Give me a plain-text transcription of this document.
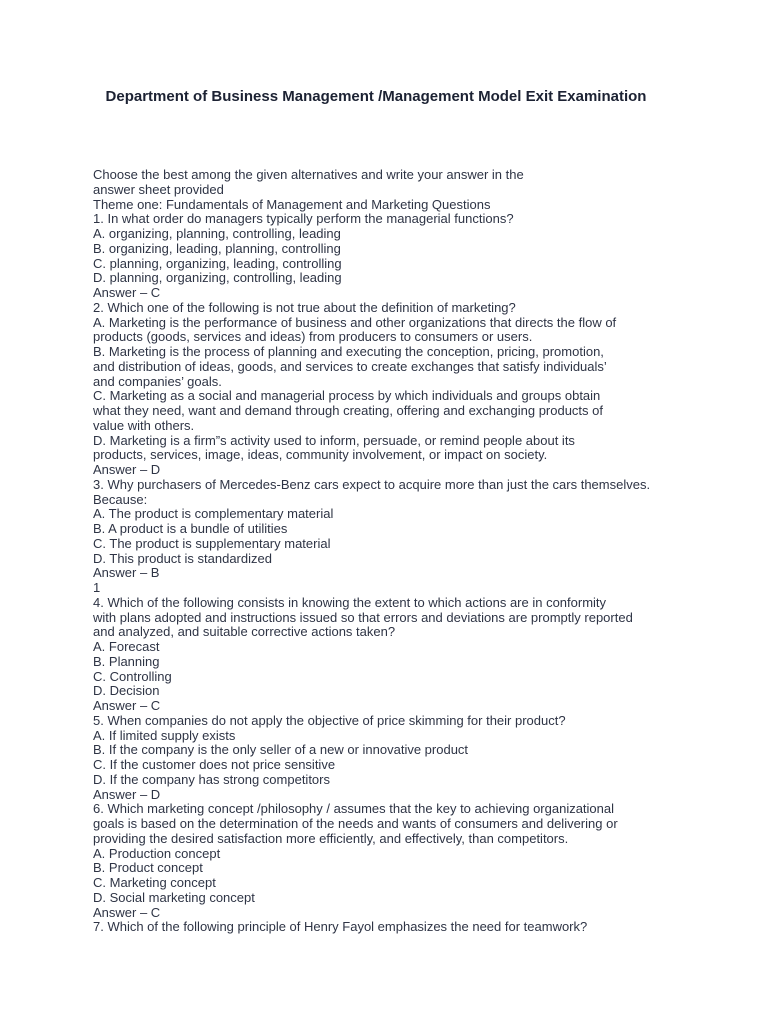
Department of Business Management /Management Model Exit Examination
Choose the best among the given alternatives and write your answer in the
answer sheet provided
Theme one: Fundamentals of Management and Marketing Questions
1. In what order do managers typically perform the managerial functions?
A. organizing, planning, controlling, leading
B. organizing, leading, planning, controlling
C. planning, organizing, leading, controlling
D. planning, organizing, controlling, leading
Answer – C
2. Which one of the following is not true about the definition of marketing?
A. Marketing is the performance of business and other organizations that directs the flow of
products (goods, services and ideas) from producers to consumers or users.
B. Marketing is the process of planning and executing the conception, pricing, promotion,
and distribution of ideas, goods, and services to create exchanges that satisfy individuals’
and companies’ goals.
C. Marketing as a social and managerial process by which individuals and groups obtain
what they need, want and demand through creating, offering and exchanging products of
value with others.
D. Marketing is a firm”s activity used to inform, persuade, or remind people about its
products, services, image, ideas, community involvement, or impact on society.
Answer – D
3. Why purchasers of Mercedes-Benz cars expect to acquire more than just the cars themselves.
Because:
A. The product is complementary material
B. A product is a bundle of utilities
C. The product is supplementary material
D. This product is standardized
Answer – B
1
4. Which of the following consists in knowing the extent to which actions are in conformity
with plans adopted and instructions issued so that errors and deviations are promptly reported
and analyzed, and suitable corrective actions taken?
A. Forecast
B. Planning
C. Controlling
D. Decision
Answer – C
5. When companies do not apply the objective of price skimming for their product?
A. If limited supply exists
B. If the company is the only seller of a new or innovative product
C. If the customer does not price sensitive
D. If the company has strong competitors
Answer – D
6. Which marketing concept /philosophy / assumes that the key to achieving organizational
goals is based on the determination of the needs and wants of consumers and delivering or
providing the desired satisfaction more efficiently, and effectively, than competitors.
A. Production concept
B. Product concept
C. Marketing concept
D. Social marketing concept
Answer – C
7. Which of the following principle of Henry Fayol emphasizes the need for teamwork?
